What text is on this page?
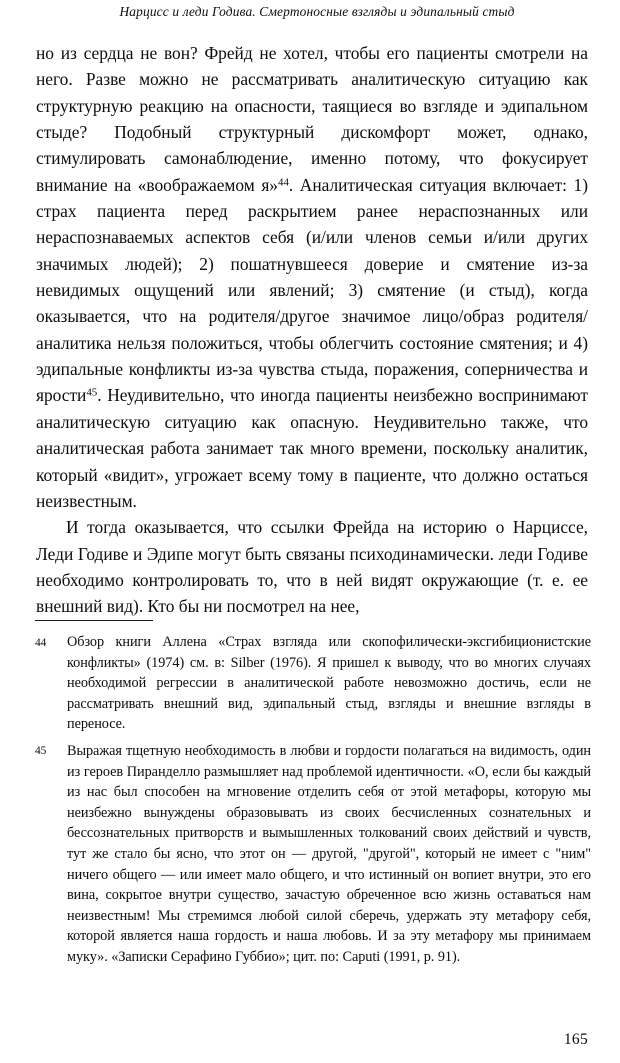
Нарцисс и леди Годива. Смертоносные взгляды и эдипальный стыд

но из сердца не вон? Фрейд не хотел, чтобы его пациенты смотрели на него. Разве можно не рассматривать аналитическую ситуацию как структурную реакцию на опасности, таящиеся во взгляде и эдипальном стыде? Подобный структурный дискомфорт может, однако, стимулировать самонаблюдение, именно потому, что фокусирует внимание на «воображаемом я»$^{44}$. Аналитическая ситуация включает: 1) страх пациента перед раскрытием ранее нераспознанных или нераспознаваемых аспектов себя (и/или членов семьи и/или других значимых людей); 2) пошатнувшееся доверие и смятение из-за невидимых ощущений или явлений; 3) смятение (и стыд), когда оказывается, что на родителя/другое значимое лицо/образ родителя/аналитика нельзя положиться, чтобы облегчить состояние смятения; и 4) эдипальные конфликты из-за чувства стыда, поражения, соперничества и ярости$^{45}$. Неудивительно, что иногда пациенты неизбежно воспринимают аналитическую ситуацию как опасную. Неудивительно также, что аналитическая работа занимает так много времени, поскольку аналитик, который «видит», угрожает всему тому в пациенте, что должно остаться неизвестным.

И тогда оказывается, что ссылки Фрейда на историю о Нарциссе, Леди Годиве и Эдипе могут быть связаны психодинамически. леди Годиве необходимо контролировать то, что в ней видят окружающие (т. е. ее внешний вид). Кто бы ни посмотрел на нее,

44	Обзор книги Аллена «Страх взгляда или скопофилически-эксгибиционистские конфликты» (1974) см. в: Silber (1976). Я пришел к выводу, что во многих случаях необходимой регрессии в аналитической работе невозможно достичь, если не рассматривать внешний вид, эдипальный стыд, взгляды и внешние взгляды в переносе.
45	Выражая тщетную необходимость в любви и гордости полагаться на видимость, один из героев Пиранделло размышляет над проблемой идентичности. «О, если бы каждый из нас был способен на мгновение отделить себя от этой метафоры, которую мы неизбежно вынуждены образовывать из своих бесчисленных сознательных и бессознательных притворств и вымышленных толкований своих действий и чувств, тут же стало бы ясно, что этот он — другой, "другой", который не имеет с "ним" ничего общего — или имеет мало общего, и что истинный он вопиет внутри, это его вина, сокрытое внутри существо, зачастую обреченное всю жизнь оставаться нам неизвестным! Мы стремимся любой силой сберечь, удержать эту метафору себя, которой является наша гордость и наша любовь. И за эту метафору мы принимаем муку». «Записки Серафино Губбио»; цит. по: Caputi (1991, p. 91).
165
